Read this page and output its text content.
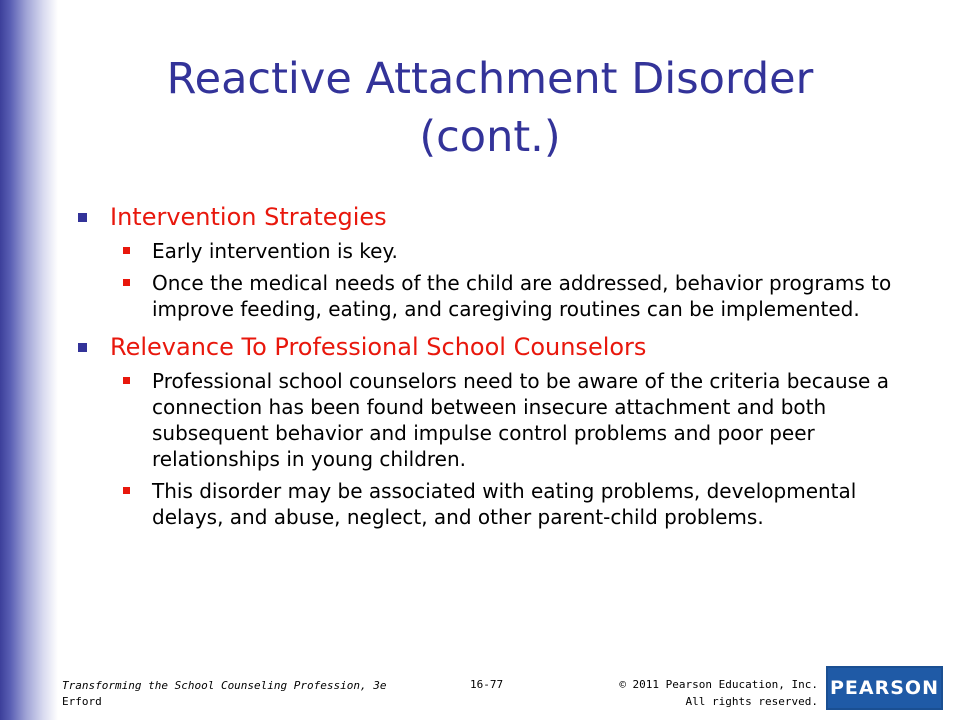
Reactive Attachment Disorder
(cont.)
Intervention Strategies
Early intervention is key.
Once the medical needs of the child are addressed, behavior programs to improve feeding, eating, and caregiving routines can be implemented.
Relevance To Professional School Counselors
Professional school counselors need to be aware of the criteria because a connection has been found between insecure attachment and both subsequent behavior and impulse control problems and poor peer relationships in young children.
This disorder may be associated with eating problems, developmental delays, and abuse, neglect, and other parent-child problems.
Transforming the School Counseling Profession, 3e
Erford
16-77	© 2011 Pearson Education, Inc.
All rights reserved.
PEARSON
